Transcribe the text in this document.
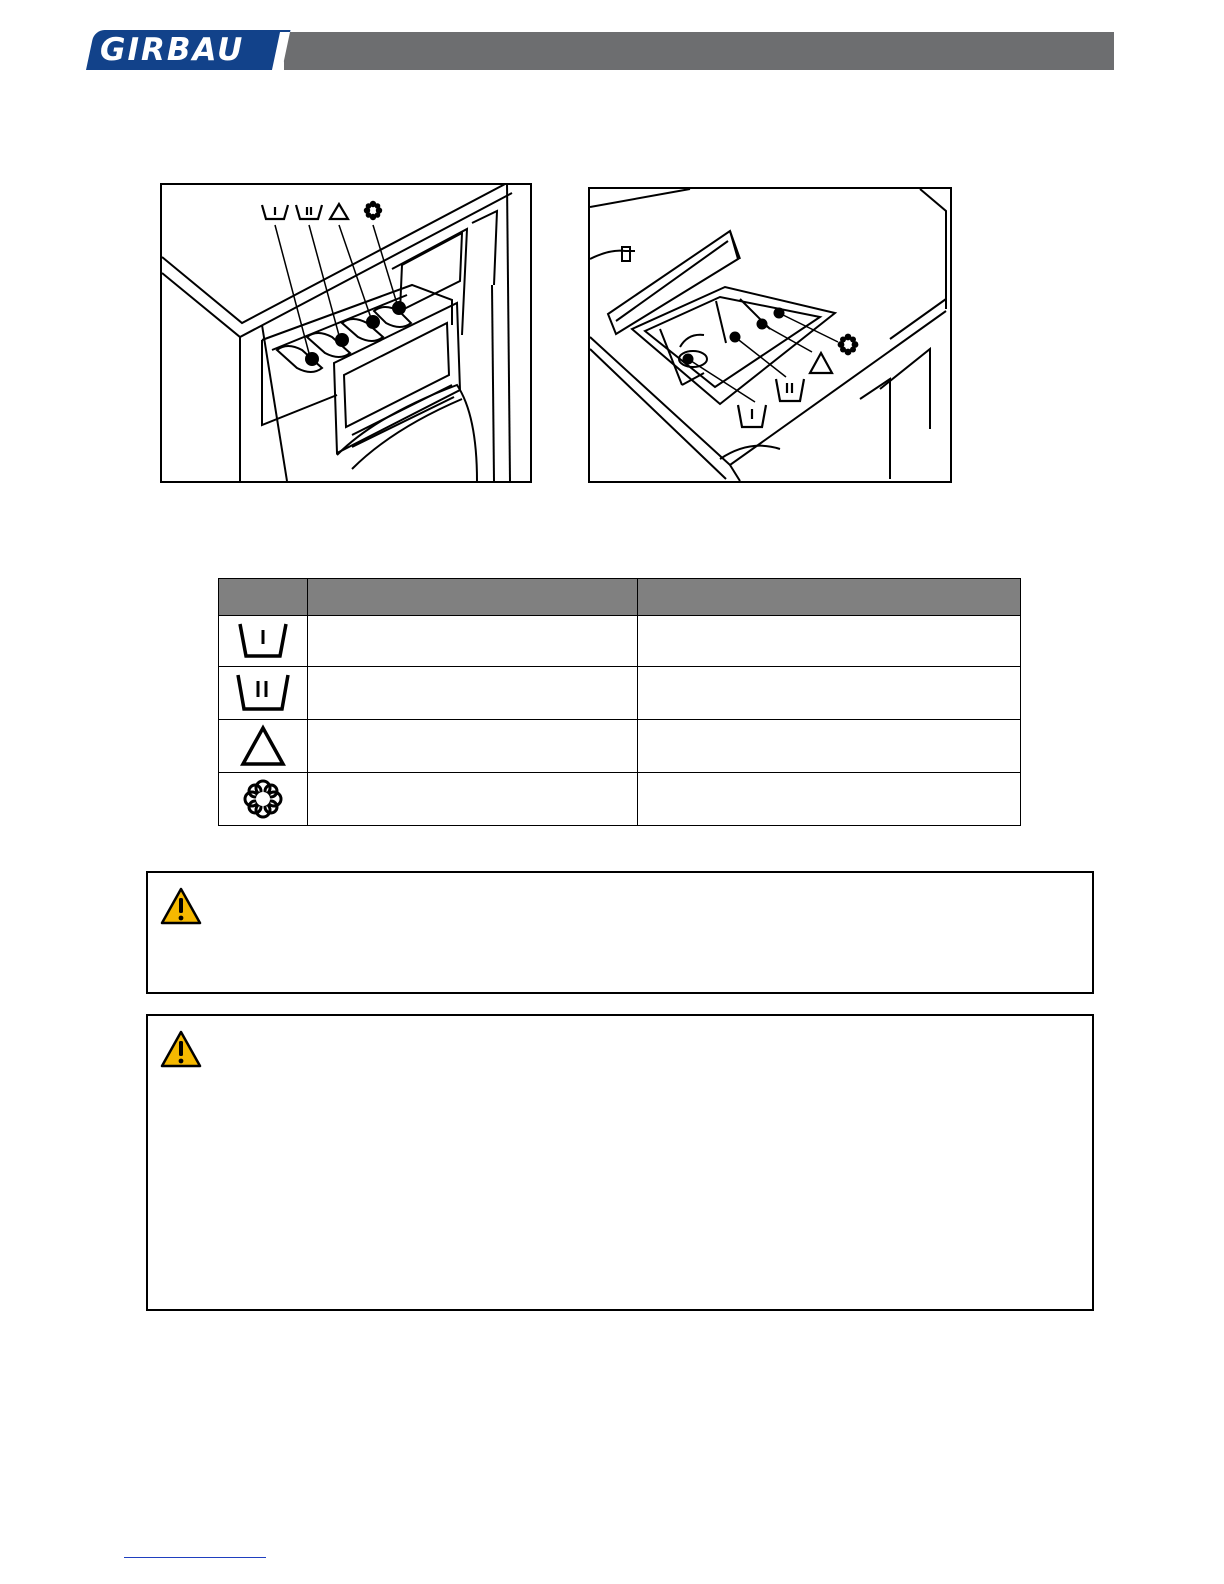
GIRBAU
